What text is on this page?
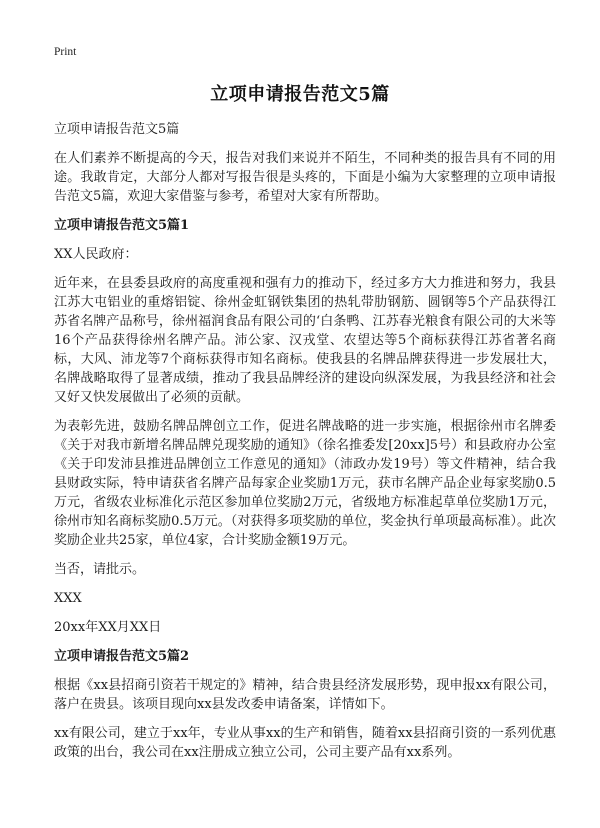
Print
立项申请报告范文5篇

立项申请报告范文5篇

在人们素养不断提高的今天，报告对我们来说并不陌生，不同种类的报告具有不同的用途。我敢肯定，大部分人都对写报告很是头疼的，下面是小编为大家整理的立项申请报告范文5篇，欢迎大家借鉴与参考，希望对大家有所帮助。

立项申请报告范文5篇1

XX人民政府：

近年来，在县委县政府的高度重视和强有力的推动下，经过多方大力推进和努力，我县江苏大屯铝业的重熔铝锭、徐州金虹钢铁集团的热轧带肋钢筋、圆钢等5个产品获得江苏省名牌产品称号，徐州福润食品有限公司的‘白条鸭、江苏春光粮食有限公司的大米等16个产品获得徐州名牌产品。沛公家、汉戎堂、农望达等5个商标获得江苏省著名商标，大风、沛龙等7个商标获得市知名商标。使我县的名牌品牌获得进一步发展壮大，名牌战略取得了显著成绩，推动了我县品牌经济的建设向纵深发展，为我县经济和社会又好又快发展做出了必须的贡献。

为表彰先进，鼓励名牌品牌创立工作，促进名牌战略的进一步实施，根据徐州市名牌委《关于对我市新增名牌品牌兑现奖励的通知》（徐名推委发[20xx]5号）和县政府办公室《关于印发沛县推进品牌创立工作意见的通知》（沛政办发19号）等文件精神，结合我县财政实际，特申请获省名牌产品每家企业奖励1万元，获市名牌产品企业每家奖励0.5万元，省级农业标准化示范区参加单位奖励2万元，省级地方标准起草单位奖励1万元，徐州市知名商标奖励0.5万元。（对获得多项奖励的单位，奖金执行单项最高标准）。此次奖励企业共25家，单位4家，合计奖励金额19万元。

当否，请批示。

XXX

20xx年XX月XX日

立项申请报告范文5篇2

根据《xx县招商引资若干规定的》精神，结合贵县经济发展形势，现申报xx有限公司，落户在贵县。该项目现向xx县发改委申请备案，详情如下。

xx有限公司，建立于xx年，专业从事xx的生产和销售，随着xx县招商引资的一系列优惠政策的出台，我公司在xx注册成立独立公司，公司主要产品有xx系列。
